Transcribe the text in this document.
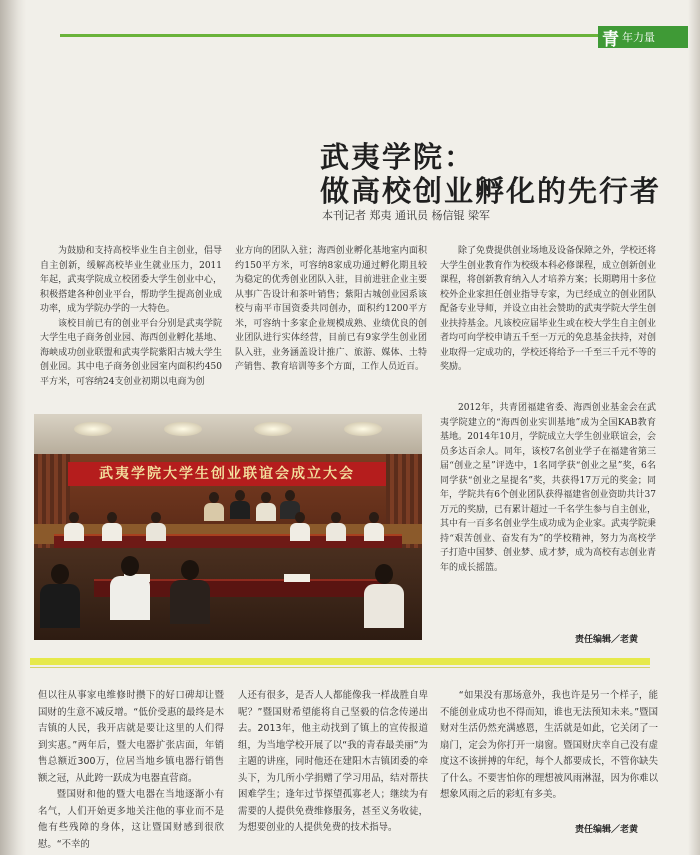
青 年力量
武夷学院：
做高校创业孵化的先行者
本刊记者 郑夷 通讯员 杨信锟 梁军

为鼓励和支持高校毕业生自主创业，倡导自主创新，缓解高校毕业生就业压力，2011年起，武夷学院成立校团委大学生创业中心，积极搭建各种创业平台，帮助学生提高创业成功率，成为学院办学的一大特色。

该校目前已有的创业平台分别是武夷学院大学生电子商务创业园、海西创业孵化基地、海峡成功创业联盟和武夷学院紫阳古城大学生创业园。其中电子商务创业园室内面积约450平方米，可容纳24支创业初期以电商为创

业方向的团队入驻；海西创业孵化基地室内面积约150平方米，可容纳8家成功通过孵化期且较为稳定的优秀创业团队入驻，目前进驻企业主要从事广告设计和茶叶销售；紫阳古城创业园系该校与南平市国资委共同创办，面积约1200平方米，可容纳十多家企业规模成熟、业绩优良的创业团队进行实体经营，目前已有9家学生创业团队入驻，业务涵盖设计推广、旅游、媒体、土特产销售、教育培训等多个方面，工作人员近百。

除了免费提供创业场地及设备保障之外，学校还将大学生创业教育作为校级本科必修课程，成立创新创业课程，将创新教育纳入人才培养方案；长期聘用十多位校外企业家担任创业指导专家，为已经成立的创业团队配备专业导师，并设立由社会赞助的武夷学院大学生创业扶持基金。凡该校应届毕业生或在校大学生自主创业者均可向学校申请五千至一万元的免息基金扶持，对创业取得一定成功的，学校还将给予一千至三千元不等的奖励。

2012年，共青团福建省委、海西创业基金会在武夷学院建立的“海西创业实训基地”成为全国KAB教育基地。2014年10月，学院成立大学生创业联谊会，会员多达百余人。同年，该校7名创业学子在福建省第三届“创业之星”评选中，1名同学获“创业之星”奖，6名同学获“创业之星提名”奖，共获得17万元的奖金；同年，学院共有6个创业团队获得福建省创业资助共计37万元的奖励，已有累计超过一千名学生参与自主创业，其中有一百多名创业学生成功成为企业家。武夷学院秉持“艰苦创业、奋发有为”的学校精神，努力为高校学子打造中国梦、创业梦、成才梦，成为高校有志创业青年的成长摇篮。

武夷学院大学生创业联谊会成立大会
责任编辑／老黄

但以往从事家电维修时攒下的好口碑却让暨国财的生意不减反增。“低价受惠的最终是木吉镇的人民，我开店就是要让这里的人们得到实惠。”两年后，暨大电器扩张店面，年销售总额近300万，位居当地乡镇电器行销售额之冠，从此跨一跃成为电器直营商。

暨国财和他的暨大电器在当地逐渐小有名气，人们开始更多地关注他的事业而不是他有些残障的身体，这让暨国财感到很欣慰。“不幸的

人还有很多，是否人人都能像我一样战胜自卑呢？”暨国财希望能将自己坚毅的信念传递出去。2013年，他主动找到了镇上的宣传报道组，为当地学校开展了以“我的青春最美丽”为主题的讲座，同时他还在建阳木吉镇团委的牵头下，为几所小学捐赠了学习用品，结对帮扶困难学生；逢年过节探望孤寡老人；继续为有需要的人提供免费维修服务，甚至义务收徒，为想要创业的人提供免费的技术指导。

“如果没有那场意外，我也许是另一个样子，能不能创业成功也不得而知，谁也无法预知未来。”暨国财对生活仍然充满感恩，生活就是如此，它关闭了一扇门，定会为你打开一扇窗。暨国财庆幸自己没有虚度这不该拼搏的年纪，每个人都要成长，不管你缺失了什么。不要害怕你的理想被风雨淋湿，因为你难以想象风雨之后的彩虹有多美。

责任编辑／老黄
